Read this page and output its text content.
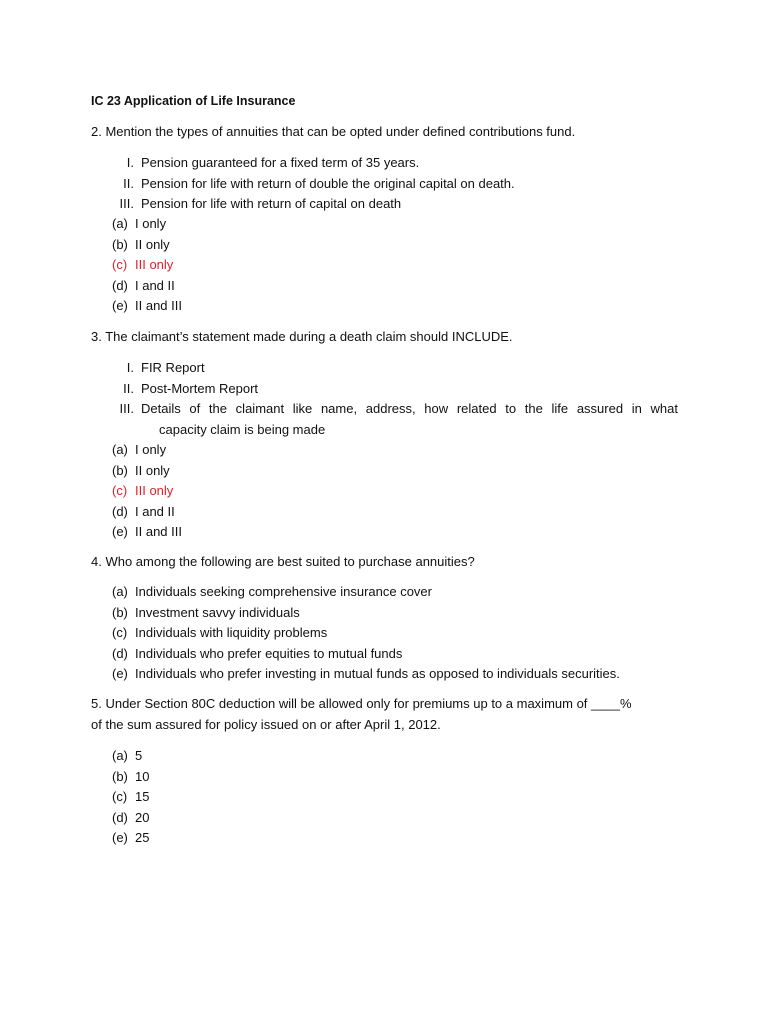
IC 23 Application of Life Insurance
2. Mention the types of annuities that can be opted under defined contributions fund.
I. Pension guaranteed for a fixed term of 35 years.
II. Pension for life with return of double the original capital on death.
III. Pension for life with return of capital on death
(a) I only
(b) II only
(c) III only
(d) I and II
(e) II and III
3. The claimant’s statement made during a death claim should INCLUDE.
I. FIR Report
II. Post-Mortem Report
III. Details of the claimant like name, address, how related to the life assured in what
capacity claim is being made
(a) I only
(b) II only
(c) III only
(d) I and II
(e) II and III
4. Who among the following are best suited to purchase annuities?
(a) Individuals seeking comprehensive insurance cover
(b) Investment savvy individuals
(c) Individuals with liquidity problems
(d) Individuals who prefer equities to mutual funds
(e) Individuals who prefer investing in mutual funds as opposed to individuals securities.
5. Under Section 80C deduction will be allowed only for premiums up to a maximum of ____%
of the sum assured for policy issued on or after April 1, 2012.
(a) 5
(b) 10
(c) 15
(d) 20
(e) 25
